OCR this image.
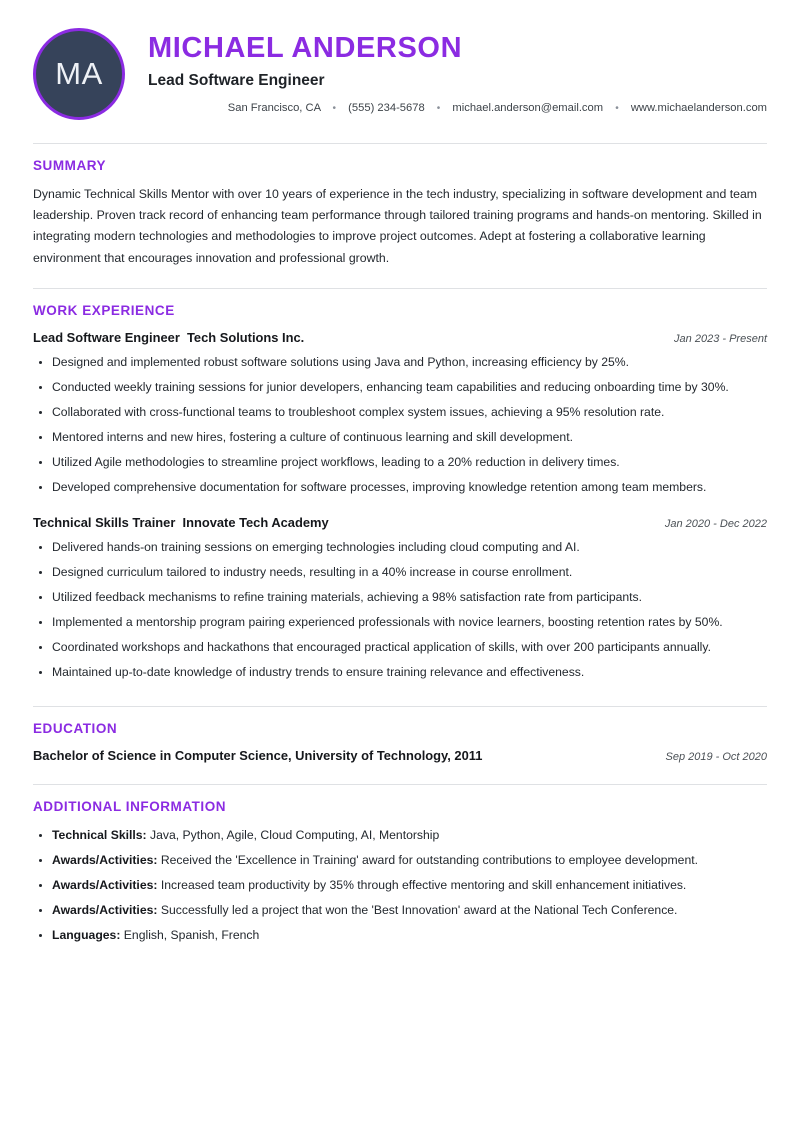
MA
MICHAEL ANDERSON
Lead Software Engineer
San Francisco, CA • (555) 234-5678 • michael.anderson@email.com • www.michaelanderson.com
SUMMARY

Dynamic Technical Skills Mentor with over 10 years of experience in the tech industry, specializing in software development and team leadership. Proven track record of enhancing team performance through tailored training programs and hands-on mentoring. Skilled in integrating modern technologies and methodologies to improve project outcomes. Adept at fostering a collaborative learning environment that encourages innovation and professional growth.

WORK EXPERIENCE
Lead Software Engineer  Tech Solutions Inc.	Jan 2023 - Present
Designed and implemented robust software solutions using Java and Python, increasing efficiency by 25%.
Conducted weekly training sessions for junior developers, enhancing team capabilities and reducing onboarding time by 30%.
Collaborated with cross-functional teams to troubleshoot complex system issues, achieving a 95% resolution rate.
Mentored interns and new hires, fostering a culture of continuous learning and skill development.
Utilized Agile methodologies to streamline project workflows, leading to a 20% reduction in delivery times.
Developed comprehensive documentation for software processes, improving knowledge retention among team members.
Technical Skills Trainer  Innovate Tech Academy	Jan 2020 - Dec 2022
Delivered hands-on training sessions on emerging technologies including cloud computing and AI.
Designed curriculum tailored to industry needs, resulting in a 40% increase in course enrollment.
Utilized feedback mechanisms to refine training materials, achieving a 98% satisfaction rate from participants.
Implemented a mentorship program pairing experienced professionals with novice learners, boosting retention rates by 50%.
Coordinated workshops and hackathons that encouraged practical application of skills, with over 200 participants annually.
Maintained up-to-date knowledge of industry trends to ensure training relevance and effectiveness.
EDUCATION
Bachelor of Science in Computer Science, University of Technology, 2011	Sep 2019 - Oct 2020
ADDITIONAL INFORMATION
Technical Skills: Java, Python, Agile, Cloud Computing, AI, Mentorship
Awards/Activities: Received the 'Excellence in Training' award for outstanding contributions to employee development.
Awards/Activities: Increased team productivity by 35% through effective mentoring and skill enhancement initiatives.
Awards/Activities: Successfully led a project that won the 'Best Innovation' award at the National Tech Conference.
Languages: English, Spanish, French
